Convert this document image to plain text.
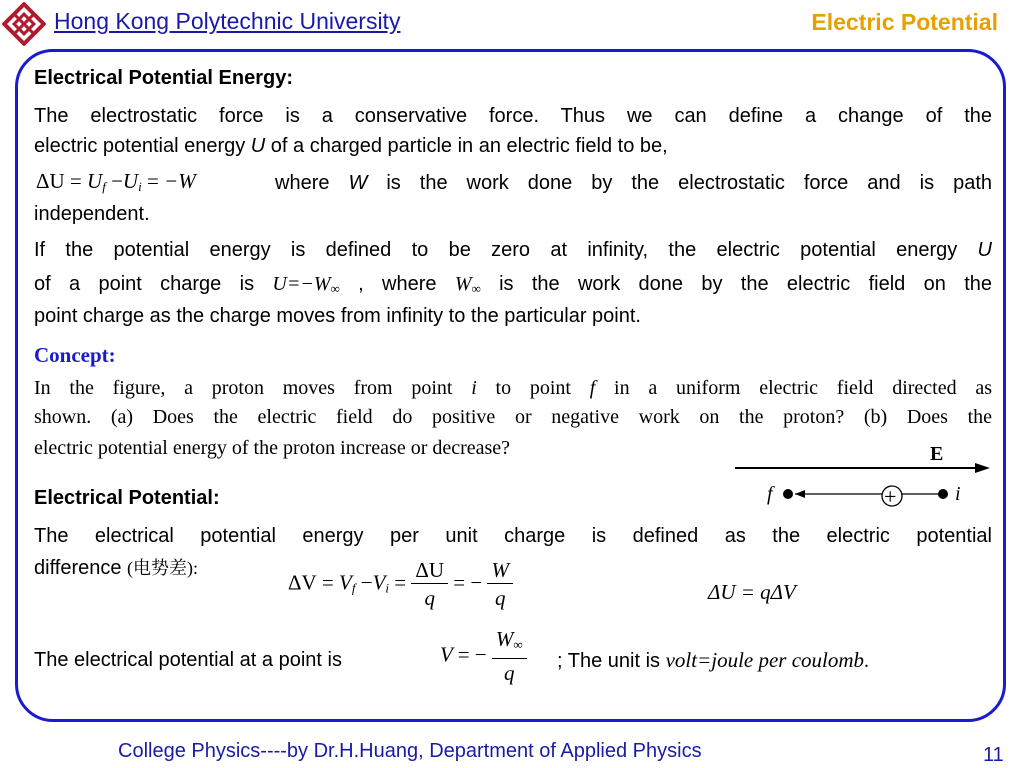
Hong Kong Polytechnic University	Electric Potential
Electrical Potential Energy:
The electrostatic force is a conservative force. Thus we can define a change of the
electric potential energy U of a charged particle in an electric field to be,
$\Delta U = U_f -U_i = -W$	where W is the work done by the electrostatic force and is path
independent.
If the potential energy is defined to be zero at infinity, the electric potential energy U
of a point charge is $U=-W_\infty$ , where $W_\infty$ is the work done by the electric field on the
point charge as the charge moves from infinity to the particular point.
Concept:
In the figure, a proton moves from point i to point f in a uniform electric field directed as
shown. (a) Does the electric field do positive or negative work on the proton? (b) Does the
electric potential energy of the proton increase or decrease?	E
f	+	i
Electrical Potential:
The electrical potential energy per unit charge is defined as the electric potential
difference (电势差):
$\Delta V = V_f -V_i = \frac{\Delta U}{q}$ = − $\frac{W}{q}$	ΔU = qΔV
The electrical potential at a point is	V = − $\frac{W_\infty}{q}$ ; The unit is volt=joule per coulomb.
College Physics----by Dr.H.Huang, Department of Applied Physics	11
